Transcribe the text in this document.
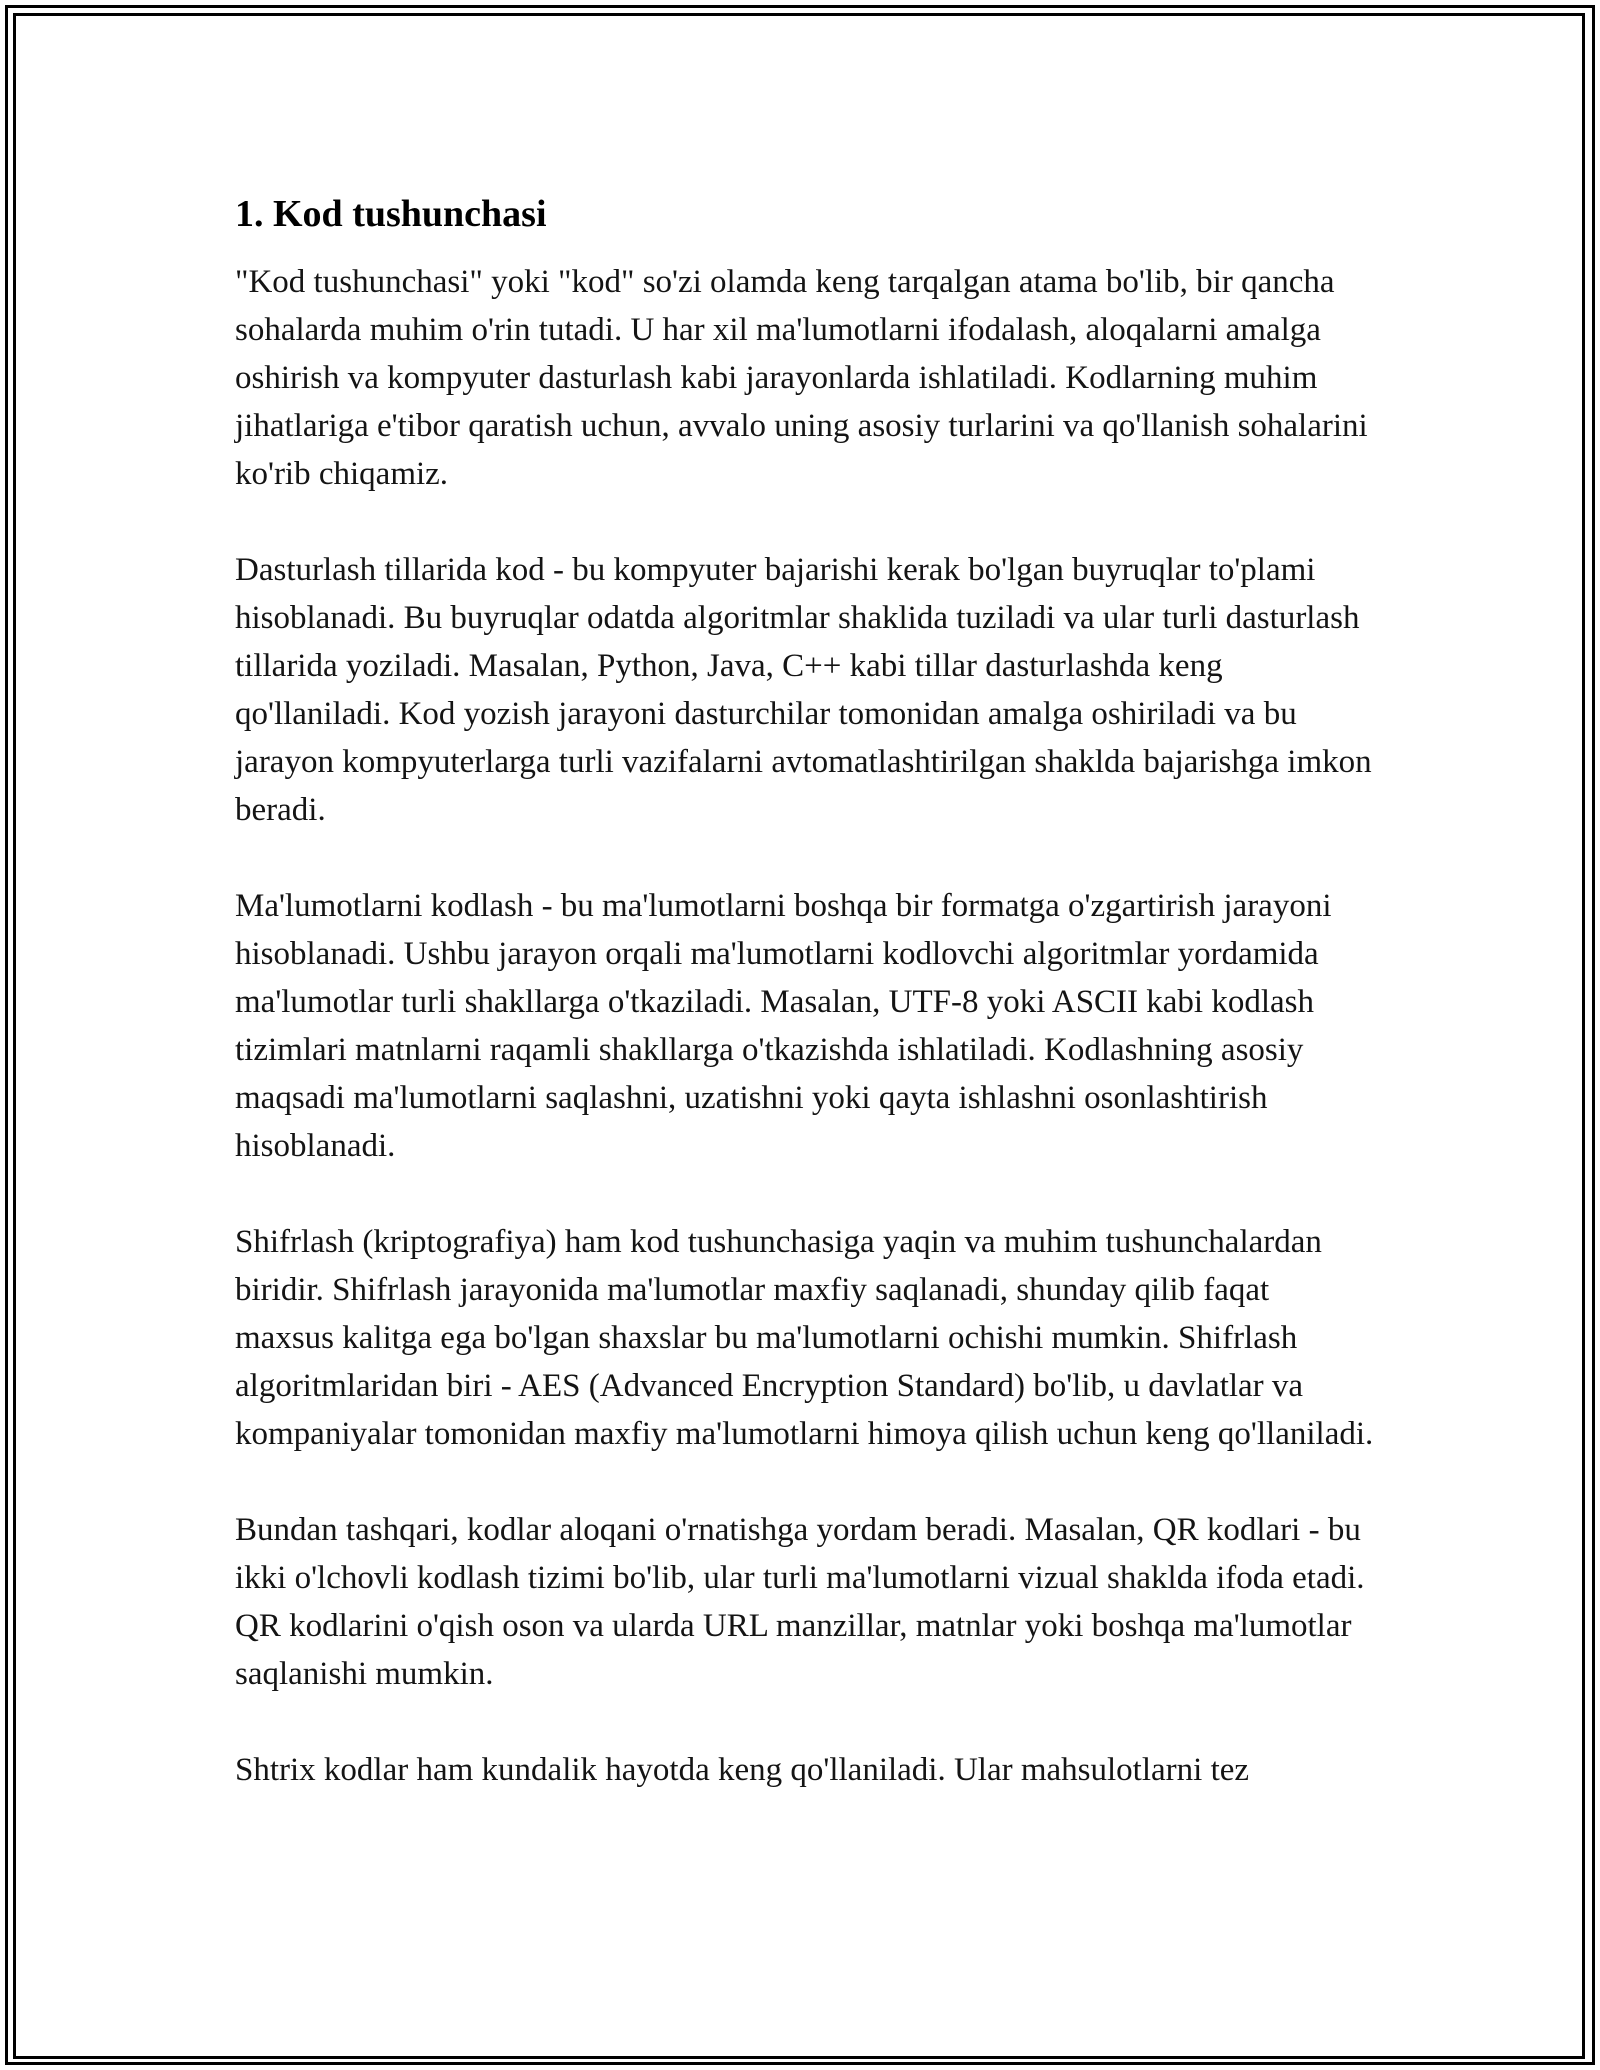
1. Kod tushunchasi

"Kod tushunchasi" yoki "kod" so'zi olamda keng tarqalgan atama bo'lib, bir qancha sohalarda muhim o'rin tutadi. U har xil ma'lumotlarni ifodalash, aloqalarni amalga oshirish va kompyuter dasturlash kabi jarayonlarda ishlatiladi. Kodlarning muhim jihatlariga e'tibor qaratish uchun, avvalo uning asosiy turlarini va qo'llanish sohalarini ko'rib chiqamiz.

Dasturlash tillarida kod - bu kompyuter bajarishi kerak bo'lgan buyruqlar to'plami hisoblanadi. Bu buyruqlar odatda algoritmlar shaklida tuziladi va ular turli dasturlash tillarida yoziladi. Masalan, Python, Java, C++ kabi tillar dasturlashda keng qo'llaniladi. Kod yozish jarayoni dasturchilar tomonidan amalga oshiriladi va bu jarayon kompyuterlarga turli vazifalarni avtomatlashtirilgan shaklda bajarishga imkon beradi.

Ma'lumotlarni kodlash - bu ma'lumotlarni boshqa bir formatga o'zgartirish jarayoni hisoblanadi. Ushbu jarayon orqali ma'lumotlarni kodlovchi algoritmlar yordamida ma'lumotlar turli shakllarga o'tkaziladi. Masalan, UTF-8 yoki ASCII kabi kodlash tizimlari matnlarni raqamli shakllarga o'tkazishda ishlatiladi. Kodlashning asosiy maqsadi ma'lumotlarni saqlashni, uzatishni yoki qayta ishlashni osonlashtirish hisoblanadi.

Shifrlash (kriptografiya) ham kod tushunchasiga yaqin va muhim tushunchalardan biridir. Shifrlash jarayonida ma'lumotlar maxfiy saqlanadi, shunday qilib faqat maxsus kalitga ega bo'lgan shaxslar bu ma'lumotlarni ochishi mumkin. Shifrlash algoritmlaridan biri - AES (Advanced Encryption Standard) bo'lib, u davlatlar va kompaniyalar tomonidan maxfiy ma'lumotlarni himoya qilish uchun keng qo'llaniladi.

Bundan tashqari, kodlar aloqani o'rnatishga yordam beradi. Masalan, QR kodlari - bu ikki o'lchovli kodlash tizimi bo'lib, ular turli ma'lumotlarni vizual shaklda ifoda etadi. QR kodlarini o'qish oson va ularda URL manzillar, matnlar yoki boshqa ma'lumotlar saqlanishi mumkin.

Shtrix kodlar ham kundalik hayotda keng qo'llaniladi. Ular mahsulotlarni tez
